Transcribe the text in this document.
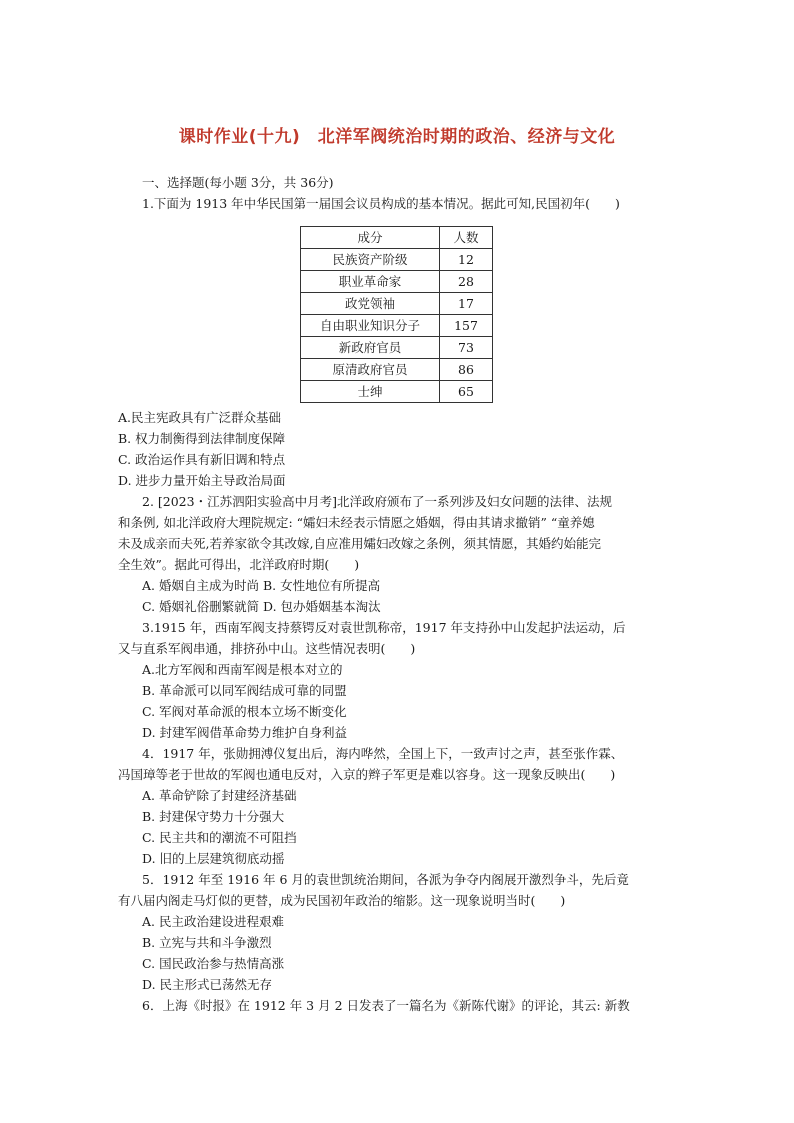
课时作业(十九)　北洋军阀统治时期的政治、经济与文化
一、选择题(每小题 3分，共 36分)
1.下面为 1913 年中华民国第一届国会议员构成的基本情况。据此可知,民国初年(　　)
成分	人数
民族资产阶级	12
职业革命家	28
政党领袖	17
自由职业知识分子	157
新政府官员	73
原清政府官员	86
士绅	65
A.民主宪政具有广泛群众基础
B. 权力制衡得到法律制度保障
C. 政治运作具有新旧调和特点
D. 进步力量开始主导政治局面
2. [2023・江苏泗阳实验高中月考]北洋政府颁布了一系列涉及妇女问题的法律、法规
和条例, 如北洋政府大理院规定: “孀妇未经表示情愿之婚姻，得由其请求撤销” “童养媳
未及成亲而夫死,若养家欲令其改嫁,自应准用孀妇改嫁之条例，须其情愿，其婚约始能完
全生效”。据此可得出，北洋政府时期(　　)
A. 婚姻自主成为时尚 B. 女性地位有所提高
C. 婚姻礼俗删繁就简 D. 包办婚姻基本淘汰
3.1915 年，西南军阀支持蔡锷反对袁世凯称帝，1917 年支持孙中山发起护法运动，后
又与直系军阀串通，排挤孙中山。这些情况表明(　　)
A.北方军阀和西南军阀是根本对立的
B. 革命派可以同军阀结成可靠的同盟
C. 军阀对革命派的根本立场不断变化
D. 封建军阀借革命势力维护自身利益
4．1917 年，张勋拥溥仪复出后，海内哗然，全国上下，一致声讨之声，甚至张作霖、
冯国璋等老于世故的军阀也通电反对，入京的辫子军更是难以容身。这一现象反映出(　　)
A. 革命铲除了封建经济基础
B. 封建保守势力十分强大
C. 民主共和的潮流不可阻挡
D. 旧的上层建筑彻底动摇
5．1912 年至 1916 年 6 月的袁世凯统治期间，各派为争夺内阁展开激烈争斗，先后竟
有八届内阁走马灯似的更替，成为民国初年政治的缩影。这一现象说明当时(　　)
A. 民主政治建设进程艰难
B. 立宪与共和斗争激烈
C. 国民政治参与热情高涨
D. 民主形式已荡然无存
6．上海《时报》在 1912 年 3 月 2 日发表了一篇名为《新陈代谢》的评论，其云: 新教
